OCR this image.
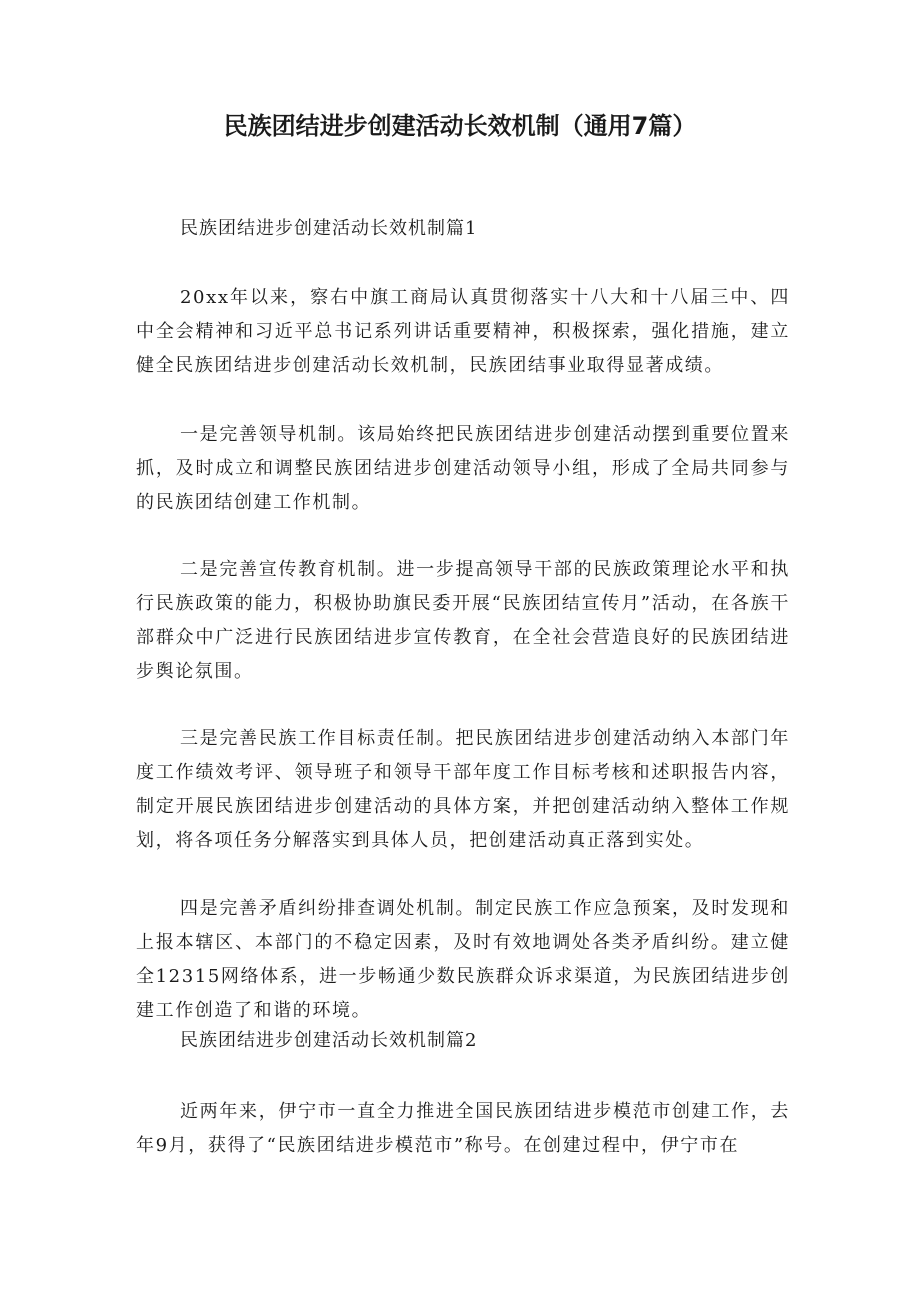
民族团结进步创建活动长效机制（通用7篇）
民族团结进步创建活动长效机制篇1

20xx年以来，察右中旗工商局认真贯彻落实十八大和十八届三中、四中全会精神和习近平总书记系列讲话重要精神，积极探索，强化措施，建立健全民族团结进步创建活动长效机制，民族团结事业取得显著成绩。

一是完善领导机制。该局始终把民族团结进步创建活动摆到重要位置来抓，及时成立和调整民族团结进步创建活动领导小组，形成了全局共同参与的民族团结创建工作机制。

二是完善宣传教育机制。进一步提高领导干部的民族政策理论水平和执行民族政策的能力，积极协助旗民委开展“民族团结宣传月”活动，在各族干部群众中广泛进行民族团结进步宣传教育，在全社会营造良好的民族团结进步舆论氛围。

三是完善民族工作目标责任制。把民族团结进步创建活动纳入本部门年度工作绩效考评、领导班子和领导干部年度工作目标考核和述职报告内容，制定开展民族团结进步创建活动的具体方案，并把创建活动纳入整体工作规划，将各项任务分解落实到具体人员，把创建活动真正落到实处。

四是完善矛盾纠纷排查调处机制。制定民族工作应急预案，及时发现和上报本辖区、本部门的不稳定因素，及时有效地调处各类矛盾纠纷。建立健全12315网络体系，进一步畅通少数民族群众诉求渠道，为民族团结进步创建工作创造了和谐的环境。

民族团结进步创建活动长效机制篇2

近两年来，伊宁市一直全力推进全国民族团结进步模范市创建工作，去年9月，获得了“民族团结进步模范市”称号。在创建过程中，伊宁市在
